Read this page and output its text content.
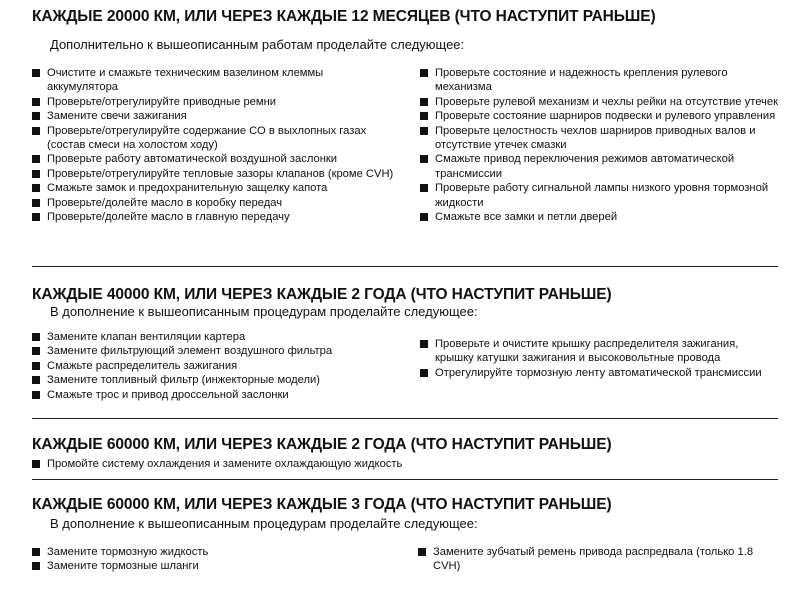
КАЖДЫЕ 20000 КМ, ИЛИ ЧЕРЕЗ КАЖДЫЕ 12 МЕСЯЦЕВ (ЧТО НАСТУПИТ РАНЬШЕ)
Дополнительно к вышеописанным работам проделайте следующее:
Очистите и смажьте техническим вазелином клеммы аккумулятора
Проверьте/отрегулируйте приводные ремни
Замените свечи зажигания
Проверьте/отрегулируйте содержание СО в выхлопных газах (состав смеси на холостом ходу)
Проверьте работу автоматической воздушной заслонки
Проверьте/отрегулируйте тепловые зазоры клапанов (кроме CVH)
Смажьте замок и предохранительную защелку капота
Проверьте/долейте масло в коробку передач
Проверьте/долейте масло в главную передачу
Проверьте состояние и надежность крепления рулевого механизма
Проверьте рулевой механизм и чехлы рейки на отсутствие утечек
Проверьте состояние шарниров подвески и рулевого управления
Проверьте целостность чехлов шарниров приводных валов и отсутствие утечек смазки
Смажьте привод переключения режимов автоматической трансмиссии
Проверьте работу сигнальной лампы низкого уровня тормозной жидкости
Смажьте все замки и петли дверей
КАЖДЫЕ 40000 КМ, ИЛИ ЧЕРЕЗ КАЖДЫЕ 2 ГОДА (ЧТО НАСТУПИТ РАНЬШЕ)
В дополнение к вышеописанным процедурам проделайте следующее:
Замените клапан вентиляции картера
Замените фильтрующий элемент воздушного фильтра
Смажьте распределитель зажигания
Замените топливный фильтр (инжекторные модели)
Смажьте трос и привод дроссельной заслонки
Проверьте и очистите крышку распределителя зажигания, крышку катушки зажигания и высоковольтные провода
Отрегулируйте тормозную ленту автоматической трансмиссии
КАЖДЫЕ 60000 КМ, ИЛИ ЧЕРЕЗ КАЖДЫЕ 2 ГОДА (ЧТО НАСТУПИТ РАНЬШЕ)
Промойте систему охлаждения и замените охлаждающую жидкость
КАЖДЫЕ 60000 КМ, ИЛИ ЧЕРЕЗ КАЖДЫЕ 3 ГОДА (ЧТО НАСТУПИТ РАНЬШЕ)
В дополнение к вышеописанным процедурам проделайте следующее:
Замените тормозную жидкость
Замените тормозные шланги
Замените зубчатый ремень привода распредвала (только 1.8 CVH)
